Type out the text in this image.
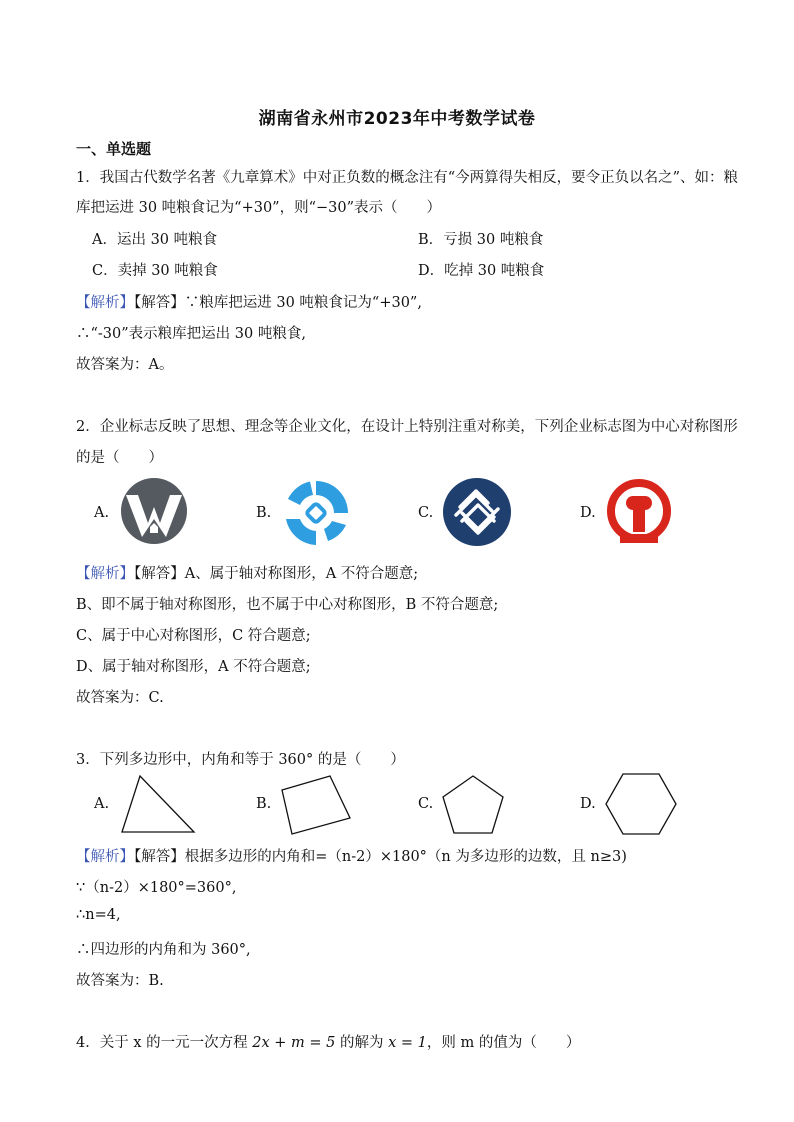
湖南省永州市2023年中考数学试卷
一、单选题
1．我国古代数学名著《九章算术》中对正负数的概念注有“今两算得失相反，要令正负以名之”、如：粮
库把运进 30 吨粮食记为“+30”，则“−30”表示（　　）
A．运出 30 吨粮食	B．亏损 30 吨粮食
C．卖掉 30 吨粮食	D．吃掉 30 吨粮食
【解析】【解答】∵粮库把运进 30 吨粮食记为“+30”,
∴“-30”表示粮库把运出 30 吨粮食,
故答案为：A。
2．企业标志反映了思想、理念等企业文化，在设计上特别注重对称美，下列企业标志图为中心对称图形
的是（　　）
A.	B.	C.	D.
【解析】【解答】A、属于轴对称图形，A 不符合题意;
B、即不属于轴对称图形，也不属于中心对称图形，B 不符合题意;
C、属于中心对称图形，C 符合题意;
D、属于轴对称图形，A 不符合题意;
故答案为：C.
3．下列多边形中，内角和等于 360° 的是（　　）
A.	B.	C.	D.
【解析】【解答】根据多边形的内角和=（n-2）×180°（n 为多边形的边数，且 n≥3)
∵（n-2）×180°=360°,
∴n=4,
∴四边形的内角和为 360°,
故答案为：B.
4．关于 x 的一元一次方程 2x + m = 5 的解为 x = 1，则 m 的值为（　　）
